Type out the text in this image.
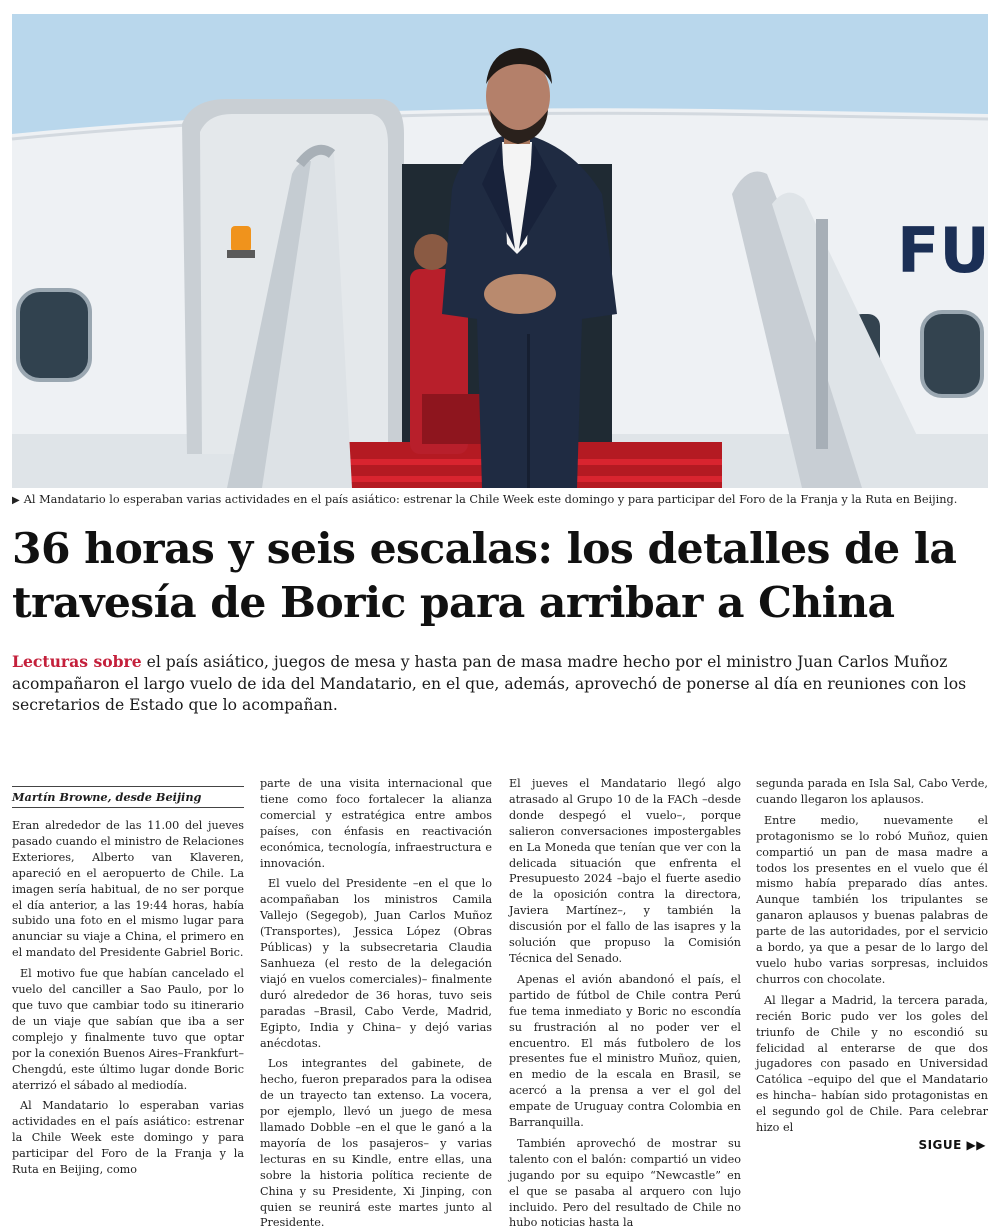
FU
▶ Al Mandatario lo esperaban varias actividades en el país asiático: estrenar la Chile Week este domingo y para participar del Foro de la Franja y la Ruta en Beijing.
36 horas y seis escalas: los detalles de la travesía de Boric para arribar a China

Lecturas sobre el país asiático, juegos de mesa y hasta pan de masa madre hecho por el ministro Juan Carlos Muñoz acompañaron el largo vuelo de ida del Mandatario, en el que, además, aprovechó de ponerse al día en reuniones con los secretarios de Estado que lo acompañan.

Martín Browne, desde Beijing

Eran alrededor de las 11.00 del jueves pasado cuando el ministro de Relaciones Exteriores, Alberto van Klaveren, apareció en el aeropuerto de Chile. La imagen sería habitual, de no ser porque el día anterior, a las 19:44 horas, había subido una foto en el mismo lugar para anunciar su viaje a China, el primero en el mandato del Presidente Gabriel Boric.

El motivo fue que habían cancelado el vuelo del canciller a Sao Paulo, por lo que tuvo que cambiar todo su itinerario de un viaje que sabían que iba a ser complejo y finalmente tuvo que optar por la conexión Buenos Aires–Frankfurt–Chengdú, este último lugar donde Boric aterrizó el sábado al mediodía.

Al Mandatario lo esperaban varias actividades en el país asiático: estrenar la Chile Week este domingo y para participar del Foro de la Franja y la Ruta en Beijing, como

parte de una visita internacional que tiene como foco fortalecer la alianza comercial y estratégica entre ambos países, con énfasis en reactivación económica, tecnología, infraestructura e innovación.

El vuelo del Presidente –en el que lo acompañaban los ministros Camila Vallejo (Segegob), Juan Carlos Muñoz (Transportes), Jessica López (Obras Públicas) y la subsecretaria Claudia Sanhueza (el resto de la delegación viajó en vuelos comerciales)– finalmente duró alrededor de 36 horas, tuvo seis paradas –Brasil, Cabo Verde, Madrid, Egipto, India y China– y dejó varias anécdotas.

Los integrantes del gabinete, de hecho, fueron preparados para la odisea de un trayecto tan extenso. La vocera, por ejemplo, llevó un juego de mesa llamado Dobble –en el que le ganó a la mayoría de los pasajeros– y varias lecturas en su Kindle, entre ellas, una sobre la historia política reciente de China y su Presidente, Xi Jinping, con quien se reunirá este martes junto al Presidente.

El jueves el Mandatario llegó algo atrasado al Grupo 10 de la FACh –desde donde despegó el vuelo–, porque salieron conversaciones impostergables en La Moneda que tenían que ver con la delicada situación que enfrenta el Presupuesto 2024 –bajo el fuerte asedio de la oposición contra la directora, Javiera Martínez–, y también la discusión por el fallo de las isapres y la solución que propuso la Comisión Técnica del Senado.

Apenas el avión abandonó el país, el partido de fútbol de Chile contra Perú fue tema inmediato y Boric no escondía su frustración al no poder ver el encuentro. El más futbolero de los presentes fue el ministro Muñoz, quien, en medio de la escala en Brasil, se acercó a la prensa a ver el gol del empate de Uruguay contra Colombia en Barranquilla.

También aprovechó de mostrar su talento con el balón: compartió un video jugando por su equipo “Newcastle” en el que se pasaba al arquero con lujo incluido. Pero del resultado de Chile no hubo noticias hasta la

segunda parada en Isla Sal, Cabo Verde, cuando llegaron los aplausos.

Entre medio, nuevamente el protagonismo se lo robó Muñoz, quien compartió un pan de masa madre a todos los presentes en el vuelo que él mismo había preparado días antes. Aunque también los tripulantes se ganaron aplausos y buenas palabras de parte de las autoridades, por el servicio a bordo, ya que a pesar de lo largo del vuelo hubo varias sorpresas, incluidos churros con chocolate.

Al llegar a Madrid, la tercera parada, recién Boric pudo ver los goles del triunfo de Chile y no escondió su felicidad al enterarse de que dos jugadores con pasado en Universidad Católica –equipo del que el Mandatario es hincha– habían sido protagonistas en el segundo gol de Chile. Para celebrar hizo el

SIGUE ▶▶
